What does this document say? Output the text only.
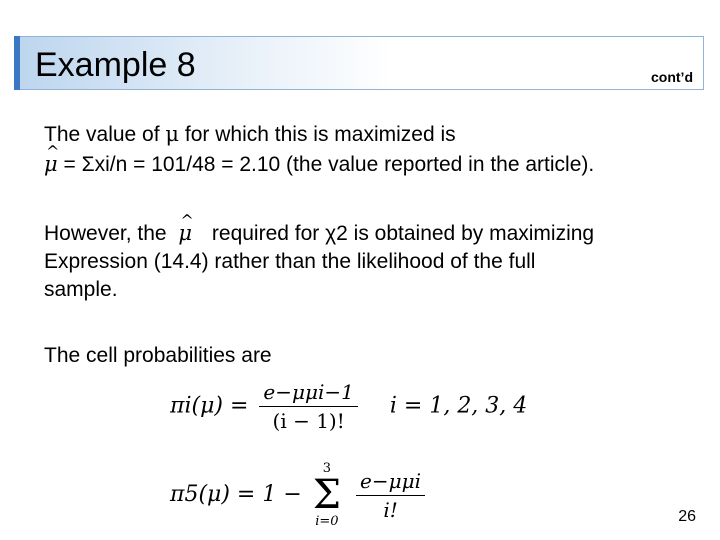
Example 8	cont’d
The value of μ for which this is maximized is
^ μ = Σxi/n = 101/48 = 2.10 (the value reported in the article).
However, the ^ μ required for χ2 is obtained by maximizing
Expression (14.4) rather than the likelihood of the full
sample.
The cell probabilities are
$\pi i(\mu) = \frac{\text{e−μμi−1}}{(i - 1)!}$ i = 1, 2, 3, 4
π5(μ) = 1 −
3
Σ
i=0
$\frac{\text{e−μμi}}{i!}$	26
